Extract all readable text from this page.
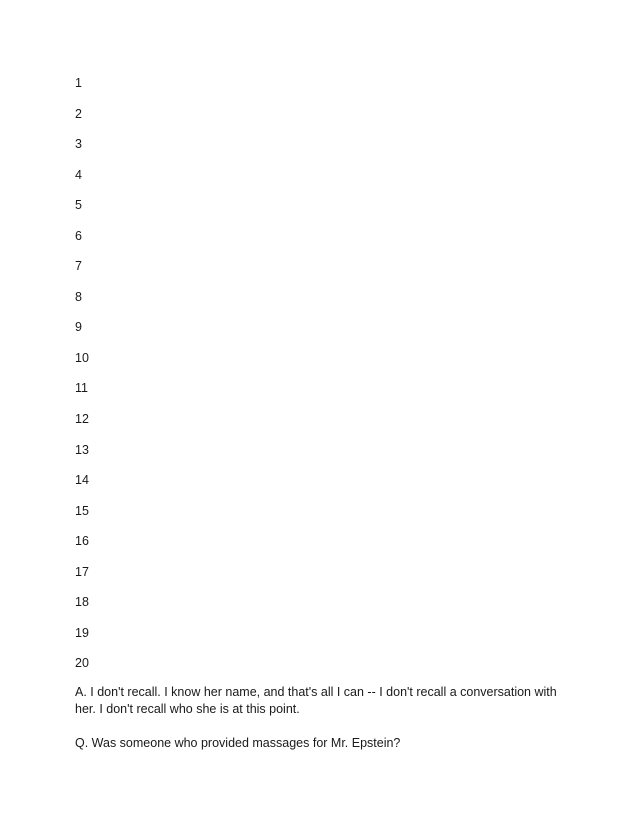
1
2
3
4
5
6
7
8
9
10
11
12
13
14
15
16
17
18
19
20

A. I don't recall. I know her name, and that's all I can -- I don't recall a conversation with her. I don't recall who she is at this point.

Q. Was someone who provided massages for Mr. Epstein?
